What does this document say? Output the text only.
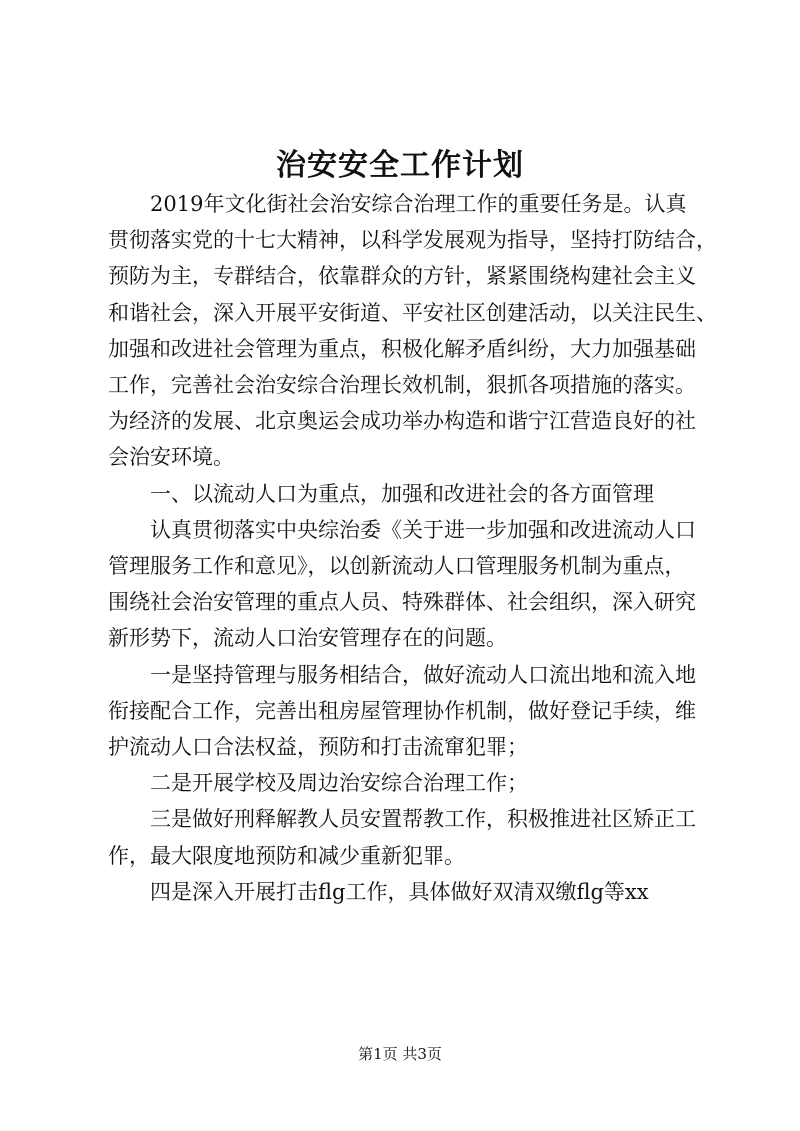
治安安全工作计划

2019年文化街社会治安综合治理工作的重要任务是。认真
贯彻落实党的十七大精神，以科学发展观为指导，坚持打防结合，
预防为主，专群结合，依靠群众的方针，紧紧围绕构建社会主义
和谐社会，深入开展平安街道、平安社区创建活动，以关注民生、
加强和改进社会管理为重点，积极化解矛盾纠纷，大力加强基础
工作，完善社会治安综合治理长效机制，狠抓各项措施的落实。
为经济的发展、北京奥运会成功举办构造和谐宁江营造良好的社
会治安环境。

一、以流动人口为重点，加强和改进社会的各方面管理

认真贯彻落实中央综治委《关于进一步加强和改进流动人口
管理服务工作和意见》，以创新流动人口管理服务机制为重点，
围绕社会治安管理的重点人员、特殊群体、社会组织，深入研究
新形势下，流动人口治安管理存在的问题。

一是坚持管理与服务相结合，做好流动人口流出地和流入地
衔接配合工作，完善出租房屋管理协作机制，做好登记手续，维
护流动人口合法权益，预防和打击流窜犯罪；

二是开展学校及周边治安综合治理工作；

三是做好刑释解教人员安置帮教工作，积极推进社区矫正工
作，最大限度地预防和减少重新犯罪。

四是深入开展打击flg工作，具体做好双清双缴flg等xx

第1页 共3页
